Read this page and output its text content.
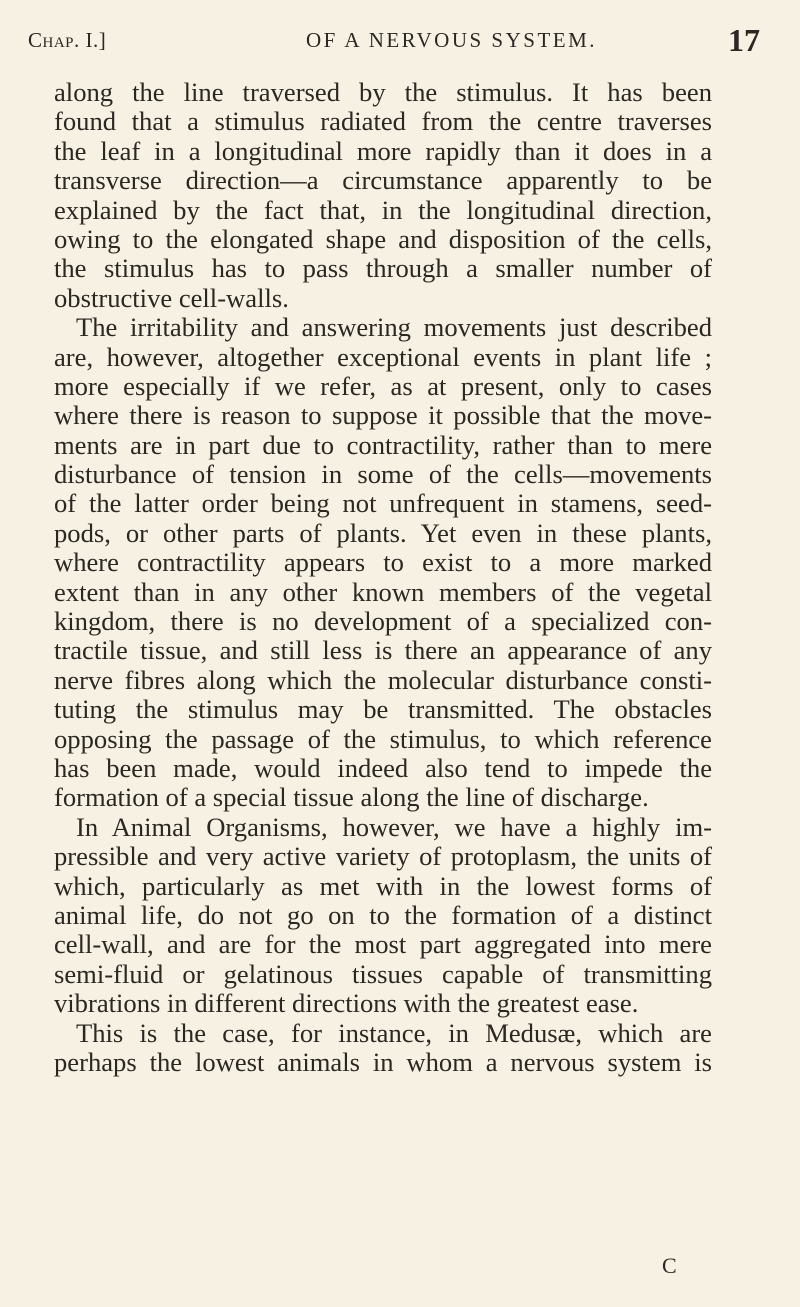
Chap. I.]	OF A NERVOUS SYSTEM.	17
along the line traversed by the stimulus. It has been
found that a stimulus radiated from the centre traverses
the leaf in a longitudinal more rapidly than it does in a
transverse direction—a circumstance apparently to be
explained by the fact that, in the longitudinal direction,
owing to the elongated shape and disposition of the cells,
the stimulus has to pass through a smaller number of
obstructive cell-walls.
The irritability and answering movements just described
are, however, altogether exceptional events in plant life ;
more especially if we refer, as at present, only to cases
where there is reason to suppose it possible that the move-
ments are in part due to contractility, rather than to mere
disturbance of tension in some of the cells—movements
of the latter order being not unfrequent in stamens, seed-
pods, or other parts of plants. Yet even in these plants,
where contractility appears to exist to a more marked
extent than in any other known members of the vegetal
kingdom, there is no development of a specialized con-
tractile tissue, and still less is there an appearance of any
nerve fibres along which the molecular disturbance consti-
tuting the stimulus may be transmitted. The obstacles
opposing the passage of the stimulus, to which reference
has been made, would indeed also tend to impede the
formation of a special tissue along the line of discharge.
In Animal Organisms, however, we have a highly im-
pressible and very active variety of protoplasm, the units of
which, particularly as met with in the lowest forms of
animal life, do not go on to the formation of a distinct
cell-wall, and are for the most part aggregated into mere
semi-fluid or gelatinous tissues capable of transmitting
vibrations in different directions with the greatest ease.
This is the case, for instance, in Medusæ, which are
perhaps the lowest animals in whom a nervous system is
C
